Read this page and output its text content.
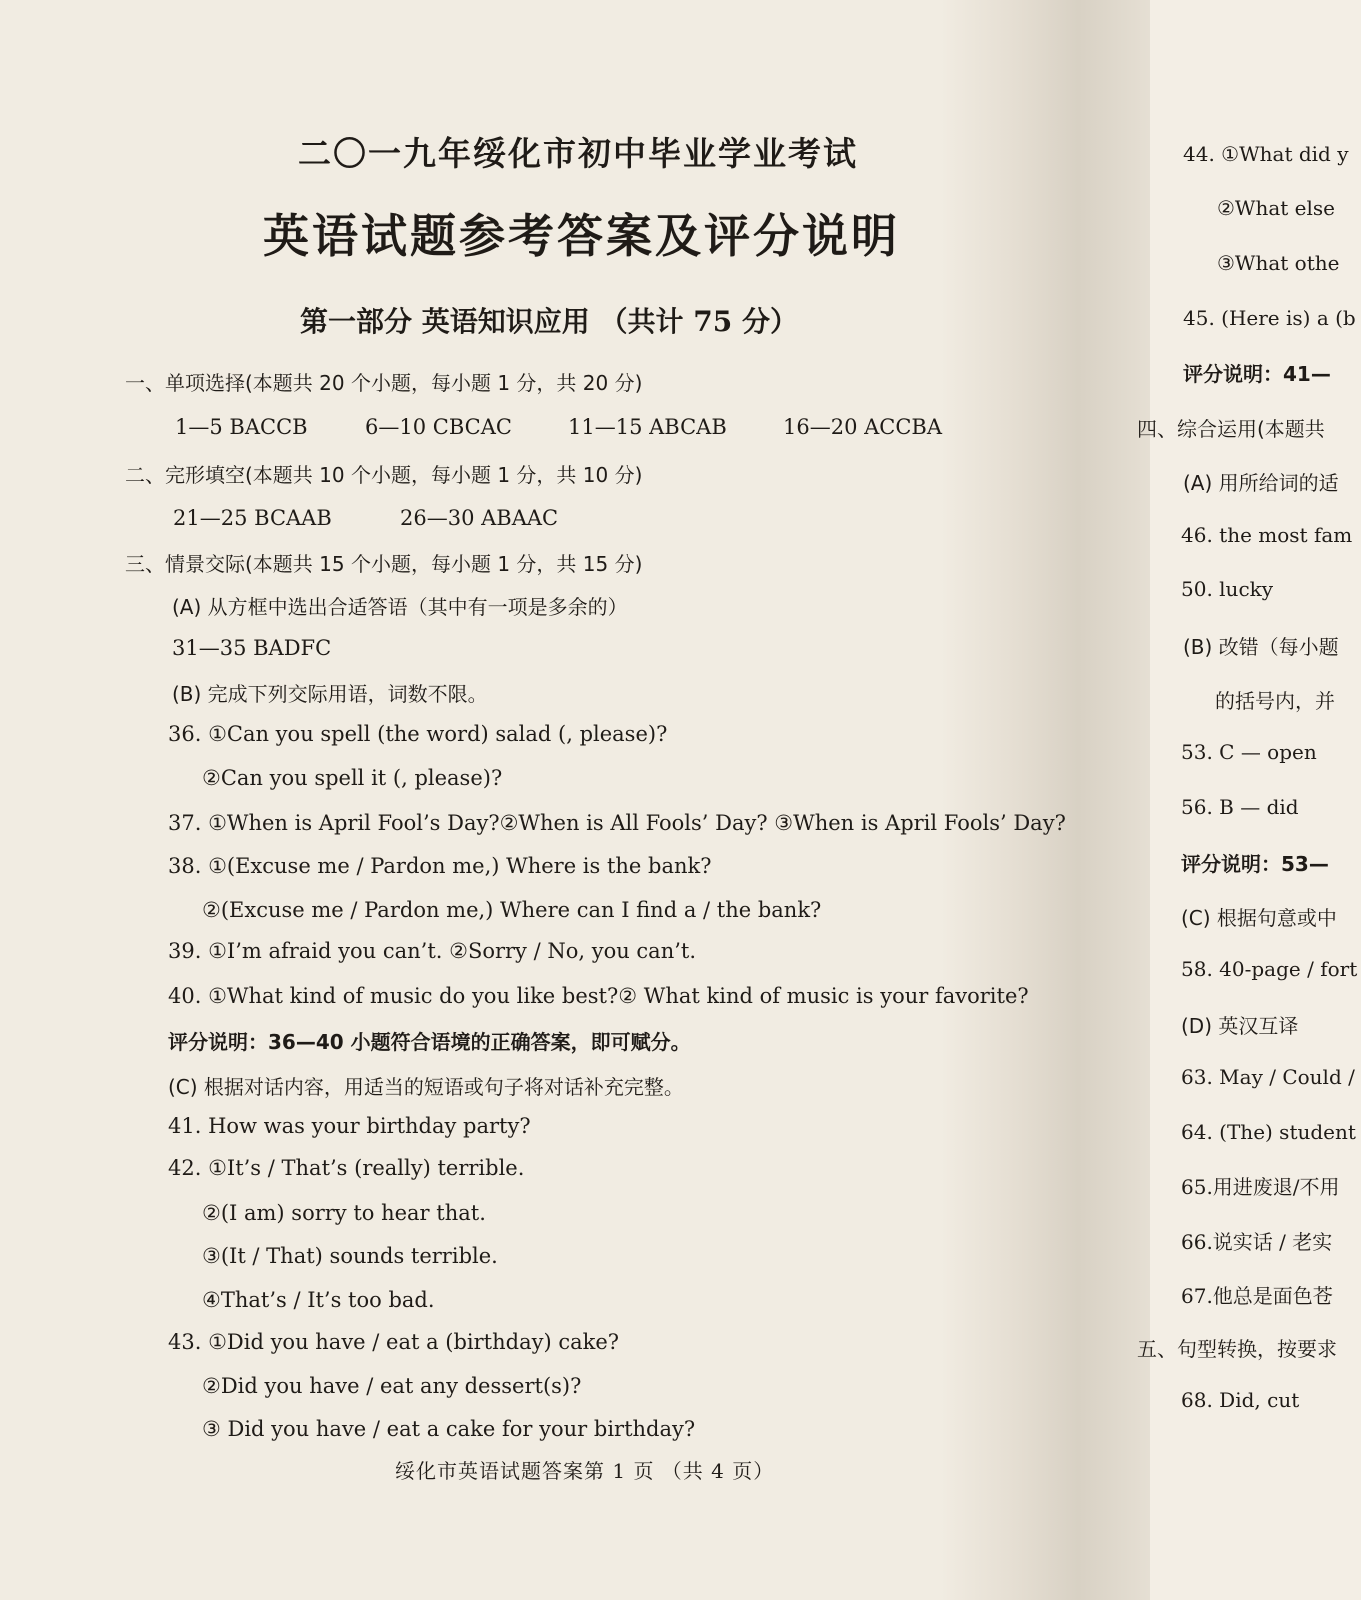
二〇一九年绥化市初中毕业学业考试
英语试题参考答案及评分说明
第一部分 英语知识应用 （共计 75 分）
一、单项选择(本题共 20 个小题，每小题 1 分，共 20 分)
1—5 BACCB	6—10 CBCAC	11—15 ABCAB	16—20 ACCBA
二、完形填空(本题共 10 个小题，每小题 1 分，共 10 分)
21—25 BCAAB	26—30 ABAAC
三、情景交际(本题共 15 个小题，每小题 1 分，共 15 分)
(A) 从方框中选出合适答语（其中有一项是多余的）
31—35 BADFC
(B) 完成下列交际用语，词数不限。
36. ①Can you spell (the word) salad (, please)?
②Can you spell it (, please)?
37. ①When is April Fool’s Day?②When is All Fools’ Day? ③When is April Fools’ Day?
38. ①(Excuse me / Pardon me,) Where is the bank?
②(Excuse me / Pardon me,) Where can I find a / the bank?
39. ①I’m afraid you can’t. ②Sorry / No, you can’t.
40. ①What kind of music do you like best?② What kind of music is your favorite?
评分说明：36—40 小题符合语境的正确答案，即可赋分。
(C) 根据对话内容，用适当的短语或句子将对话补充完整。
41. How was your birthday party?
42. ①It’s / That’s (really) terrible.
②(I am) sorry to hear that.
③(It / That) sounds terrible.
④That’s / It’s too bad.
43. ①Did you have / eat a (birthday) cake?
②Did you have / eat any dessert(s)?
③ Did you have / eat a cake for your birthday?
绥化市英语试题答案第 1 页 （共 4 页）
44. ①What did y
②What else
③What othe
45. (Here is) a (b
评分说明：41—
四、综合运用(本题共
(A) 用所给词的适
46. the most fam
50. lucky
(B) 改错（每小题
的括号内，并
53. C — open
56. B — did
评分说明：53—
(C) 根据句意或中
58. 40-page / fort
(D) 英汉互译
63. May / Could /
64. (The) student
65.用进废退/不用
66.说实话 / 老实
67.他总是面色苍
五、句型转换，按要求
68. Did, cut
